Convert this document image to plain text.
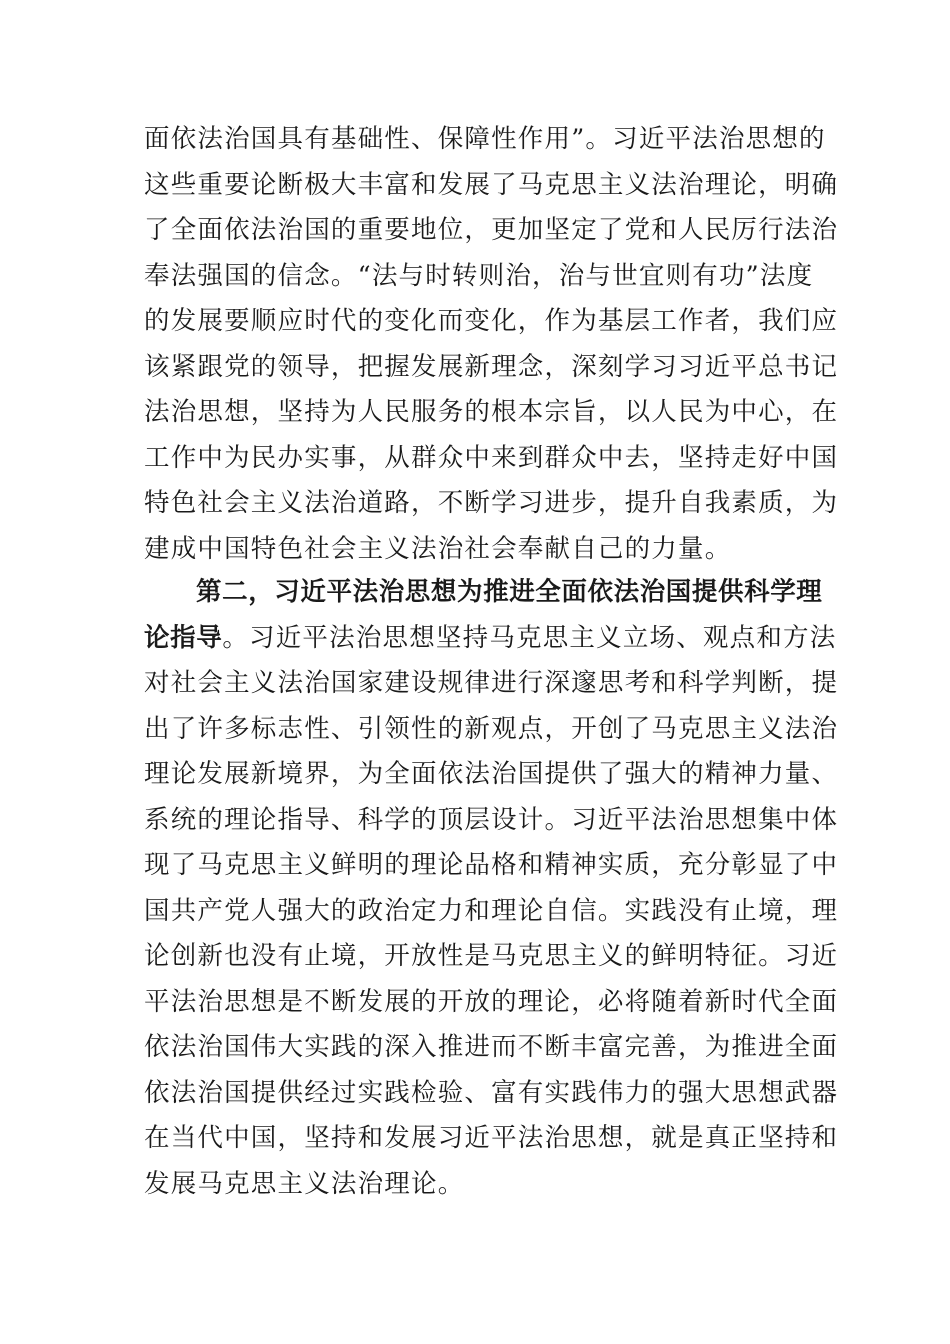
面依法治国具有基础性、保障性作用”。习近平法治思想的
这些重要论断极大丰富和发展了马克思主义法治理论，明确
了全面依法治国的重要地位，更加坚定了党和人民厉行法治
奉法强国的信念。“法与时转则治，治与世宜则有功”法度
的发展要顺应时代的变化而变化，作为基层工作者，我们应
该紧跟党的领导，把握发展新理念，深刻学习习近平总书记
法治思想，坚持为人民服务的根本宗旨，以人民为中心，在
工作中为民办实事，从群众中来到群众中去，坚持走好中国
特色社会主义法治道路，不断学习进步，提升自我素质，为
建成中国特色社会主义法治社会奉献自己的力量。
第二，习近平法治思想为推进全面依法治国提供科学理
论指导。习近平法治思想坚持马克思主义立场、观点和方法
对社会主义法治国家建设规律进行深邃思考和科学判断，提
出了许多标志性、引领性的新观点，开创了马克思主义法治
理论发展新境界，为全面依法治国提供了强大的精神力量、
系统的理论指导、科学的顶层设计。习近平法治思想集中体
现了马克思主义鲜明的理论品格和精神实质，充分彰显了中
国共产党人强大的政治定力和理论自信。实践没有止境，理
论创新也没有止境，开放性是马克思主义的鲜明特征。习近
平法治思想是不断发展的开放的理论，必将随着新时代全面
依法治国伟大实践的深入推进而不断丰富完善，为推进全面
依法治国提供经过实践检验、富有实践伟力的强大思想武器
在当代中国，坚持和发展习近平法治思想，就是真正坚持和
发展马克思主义法治理论。
